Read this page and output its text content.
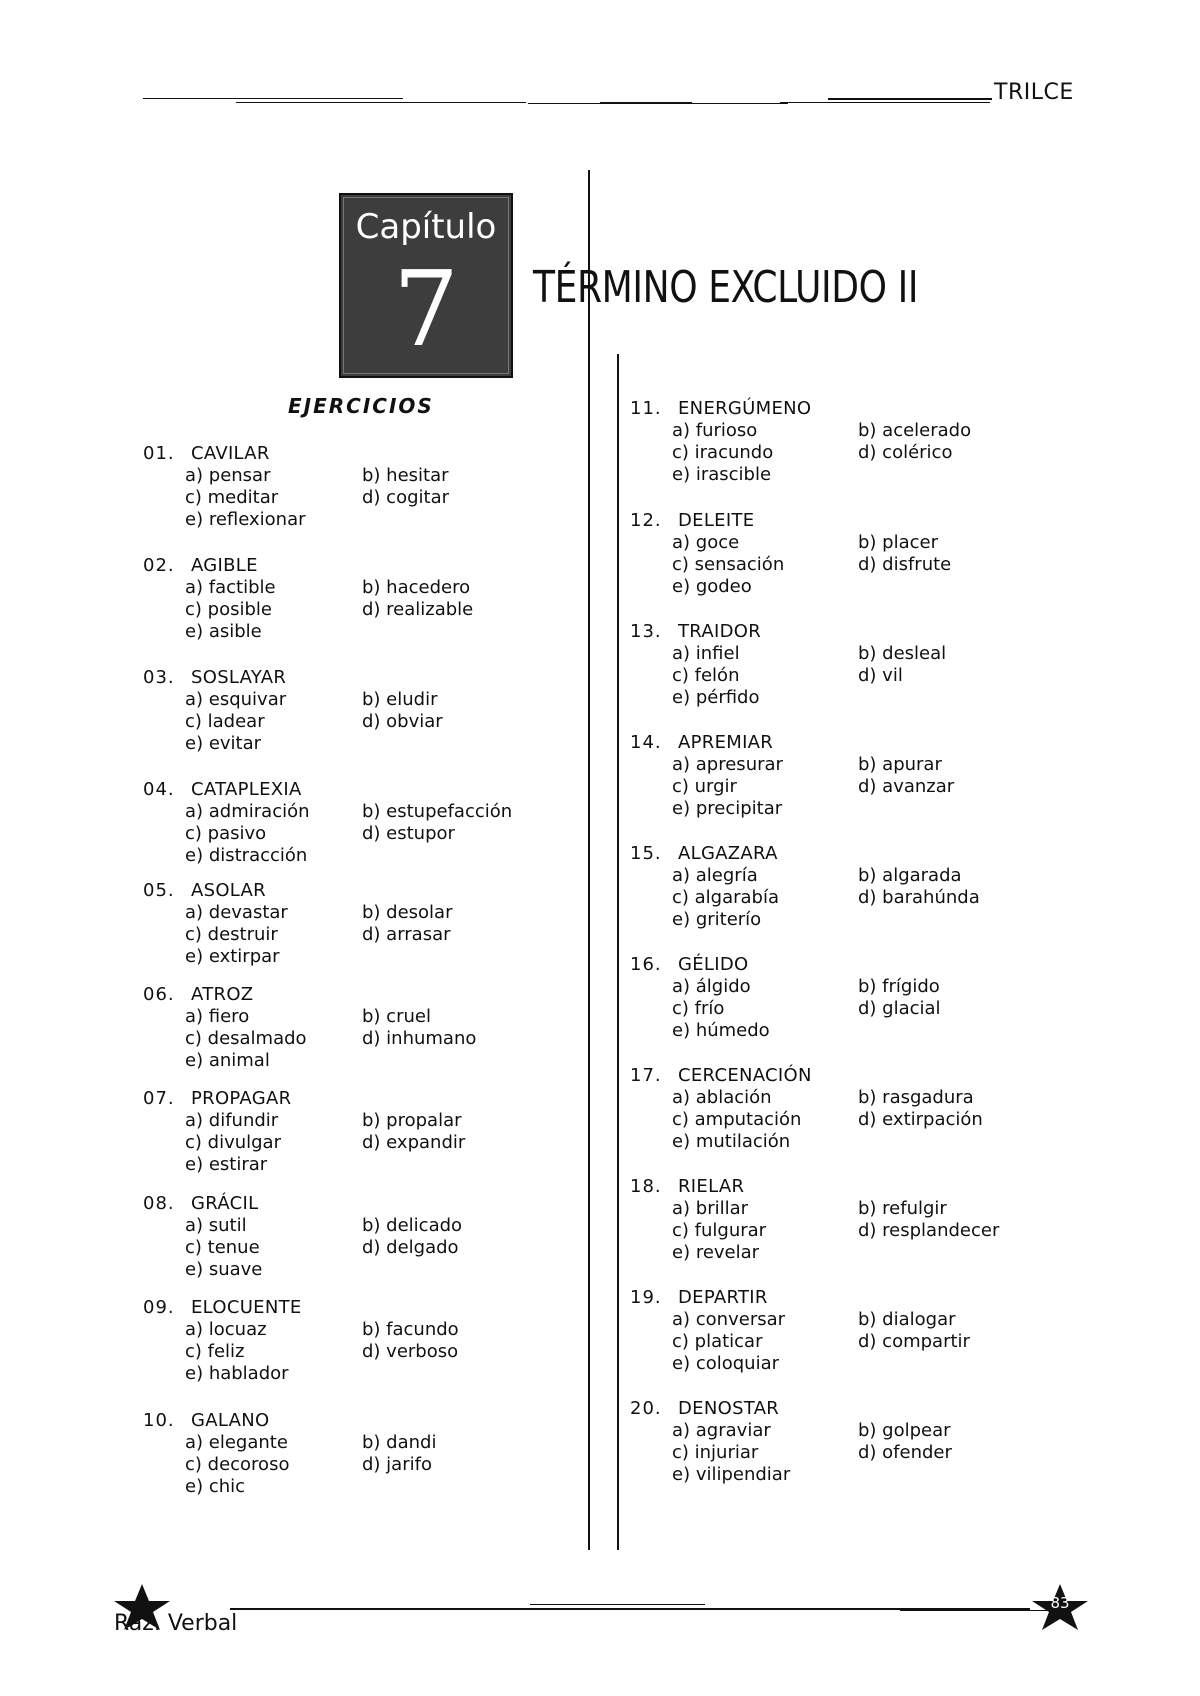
TRILCE
Capítulo
7	TÉRMINO EXCLUIDO II
EJERCICIOS
01. CAVILAR
a) pensar	b) hesitar
c) meditar	d) cogitar
e) reflexionar
02. AGIBLE
a) factible	b) hacedero
c) posible	d) realizable
e) asible
03. SOSLAYAR
a) esquivar	b) eludir
c) ladear	d) obviar
e) evitar
04. CATAPLEXIA
a) admiración	b) estupefacción
c) pasivo	d) estupor
e) distracción
05. ASOLAR
a) devastar	b) desolar
c) destruir	d) arrasar
e) extirpar
06. ATROZ
a) fiero	b) cruel
c) desalmado	d) inhumano
e) animal
07. PROPAGAR
a) difundir	b) propalar
c) divulgar	d) expandir
e) estirar
08. GRÁCIL
a) sutil	b) delicado
c) tenue	d) delgado
e) suave
09. ELOCUENTE
a) locuaz	b) facundo
c) feliz	d) verboso
e) hablador
10. GALANO
a) elegante	b) dandi
c) decoroso	d) jarifo
e) chic
11. ENERGÚMENO
a) furioso	b) acelerado
c) iracundo	d) colérico
e) irascible
12. DELEITE
a) goce	b) placer
c) sensación	d) disfrute
e) godeo
13. TRAIDOR
a) infiel	b) desleal
c) felón	d) vil
e) pérfido
14. APREMIAR
a) apresurar	b) apurar
c) urgir	d) avanzar
e) precipitar
15. ALGAZARA
a) alegría	b) algarada
c) algarabía	d) barahúnda
e) griterío
16. GÉLIDO
a) álgido	b) frígido
c) frío	d) glacial
e) húmedo
17. CERCENACIÓN
a) ablación	b) rasgadura
c) amputación	d) extirpación
e) mutilación
18. RIELAR
a) brillar	b) refulgir
c) fulgurar	d) resplandecer
e) revelar
19. DEPARTIR
a) conversar	b) dialogar
c) platicar	d) compartir
e) coloquiar
20. DENOSTAR
a) agraviar	b) golpear
c) injuriar	d) ofender
e) vilipendiar
Raz. Verbal
83
